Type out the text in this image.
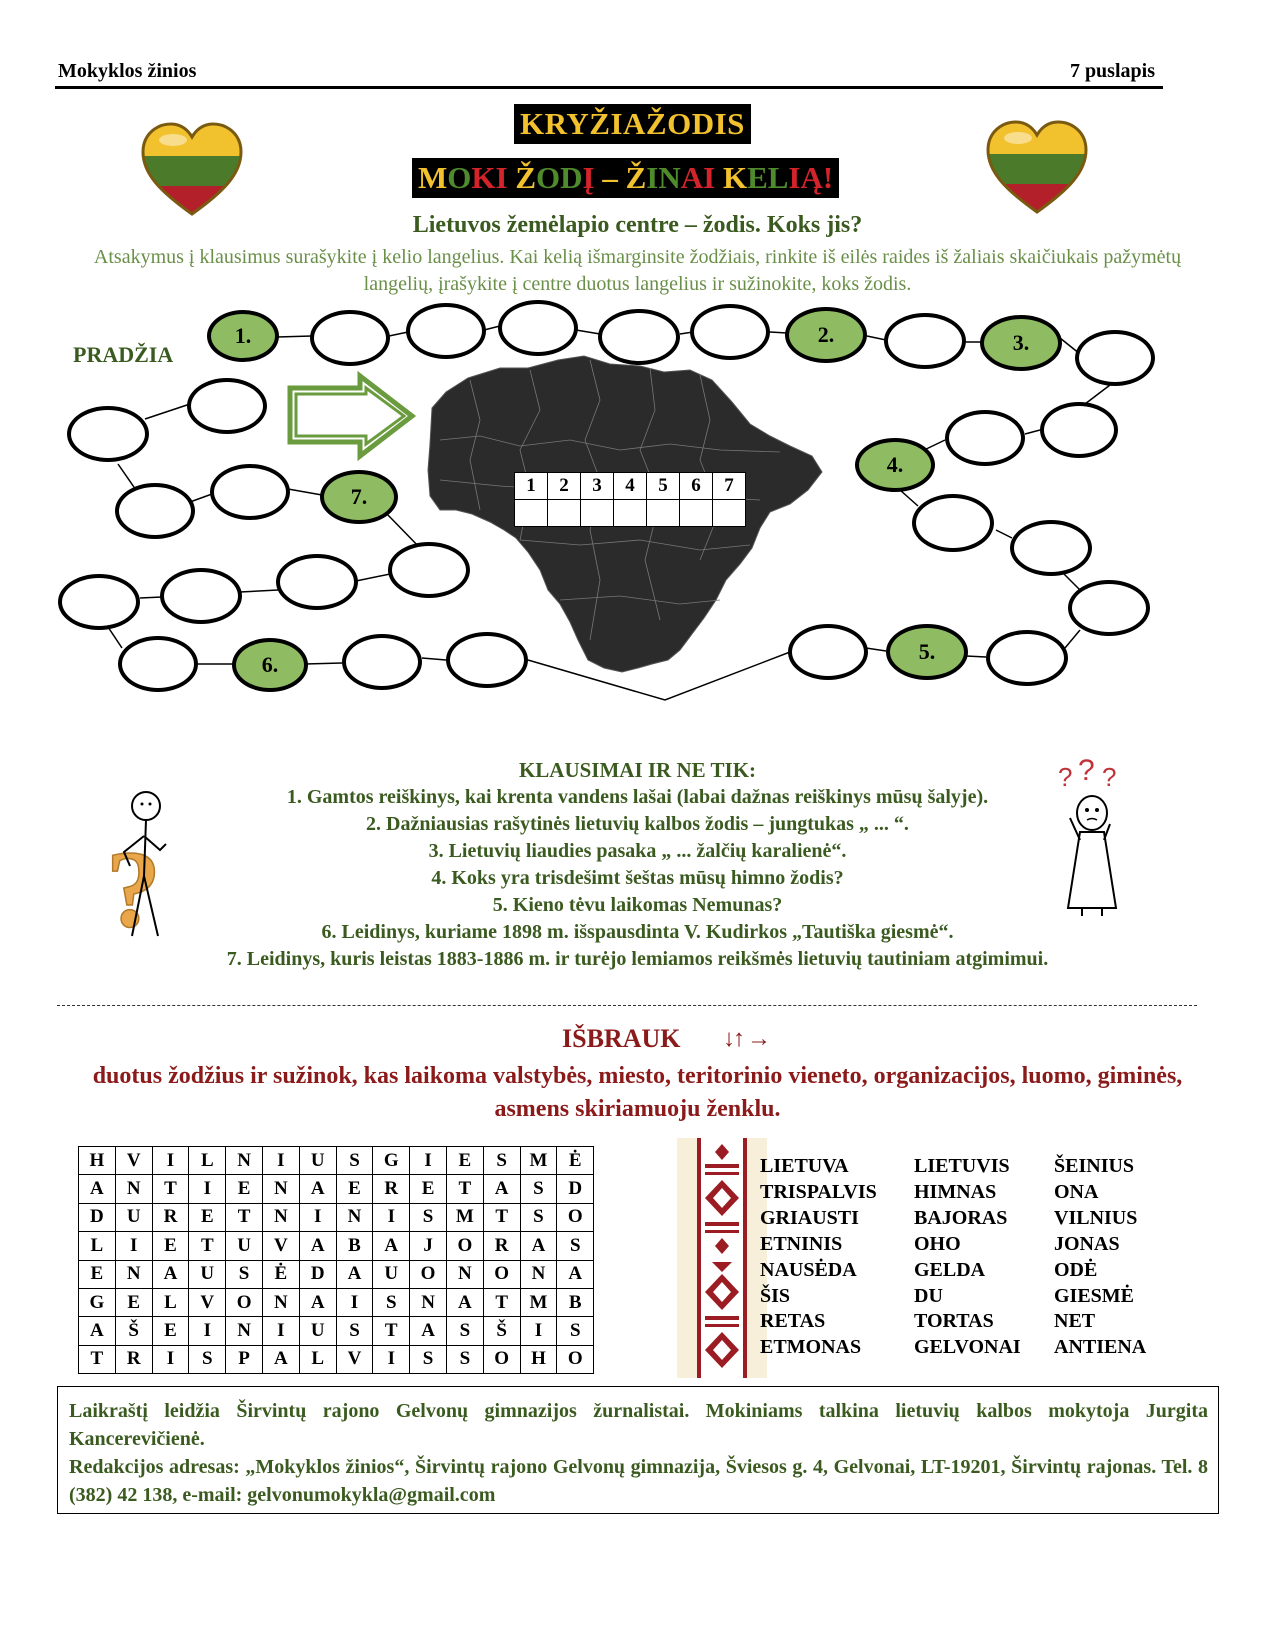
Mokyklos žinios	7 puslapis
KRYŽIAŽODIS
MOKI ŽODĮ – ŽINAI KELIĄ!
Lietuvos žemėlapio centre – žodis. Koks jis?
Atsakymus į klausimus surašykite į kelio langelius. Kai kelią išmarginsite žodžiais, rinkite iš eilės raides iš žaliais skaičiukais pažymėtų langelių, įrašykite į centre duotus langelius ir sužinokite, koks žodis.
PRADŽIA
1.	2.	3.
4.
5.
6.
7.	1	2	3	4	5	6	7

KLAUSIMAI IR NE TIK:
1. Gamtos reiškinys, kai krenta vandens lašai (labai dažnas reiškinys mūsų šalyje).
2. Dažniausias rašytinės lietuvių kalbos žodis – jungtukas „ ... “.
3. Lietuvių liaudies pasaka „ ... žalčių karalienė“.
4. Koks yra trisdešimt šeštas mūsų himno žodis?
5. Kieno tėvu laikomas Nemunas?
6. Leidinys, kuriame 1898 m. išspausdinta V. Kudirkos „Tautiška giesmė“.
7. Leidinys, kuris leistas 1883-1886 m. ir turėjo lemiamos reikšmės lietuvių tautiniam atgimimui.
?
? ? ?
IŠBRAUK ↓↑ →
duotus žodžius ir sužinok, kas laikoma valstybės, miesto, teritorinio vieneto, organizacijos, luomo, giminės, asmens skiriamuoju ženklu.
H	V	I	L	N	I	U	S	G	I	E	S	M	Ė
A	N	T	I	E	N	A	E	R	E	T	A	S	D
D	U	R	E	T	N	I	N	I	S	M	T	S	O
L	I	E	T	U	V	A	B	A	J	O	R	A	S
E	N	A	U	S	Ė	D	A	U	O	N	O	N	A
G	E	L	V	O	N	A	I	S	N	A	T	M	B
A	Š	E	I	N	I	U	S	T	A	S	Š	I	S
T	R	I	S	P	A	L	V	I	S	S	O	H	O
LIETUVA
TRISPALVIS
GRIAUSTI
ETNINIS
NAUSĖDA
ŠIS
RETAS
ETMONAS
LIETUVIS
HIMNAS
BAJORAS
OHO
GELDA
DU
TORTAS
GELVONAI
ŠEINIUS
ONA
VILNIUS
JONAS
ODĖ
GIESMĖ
NET
ANTIENA

Laikraštį leidžia Širvintų rajono Gelvonų gimnazijos žurnalistai. Mokiniams talkina lietuvių kalbos mokytoja Jurgita Kancerevičienė.

Redakcijos adresas: „Mokyklos žinios“, Širvintų rajono Gelvonų gimnazija, Šviesos g. 4, Gelvonai, LT-19201, Širvintų rajonas. Tel. 8 (382) 42 138, e-mail: gelvonumokykla@gmail.com
